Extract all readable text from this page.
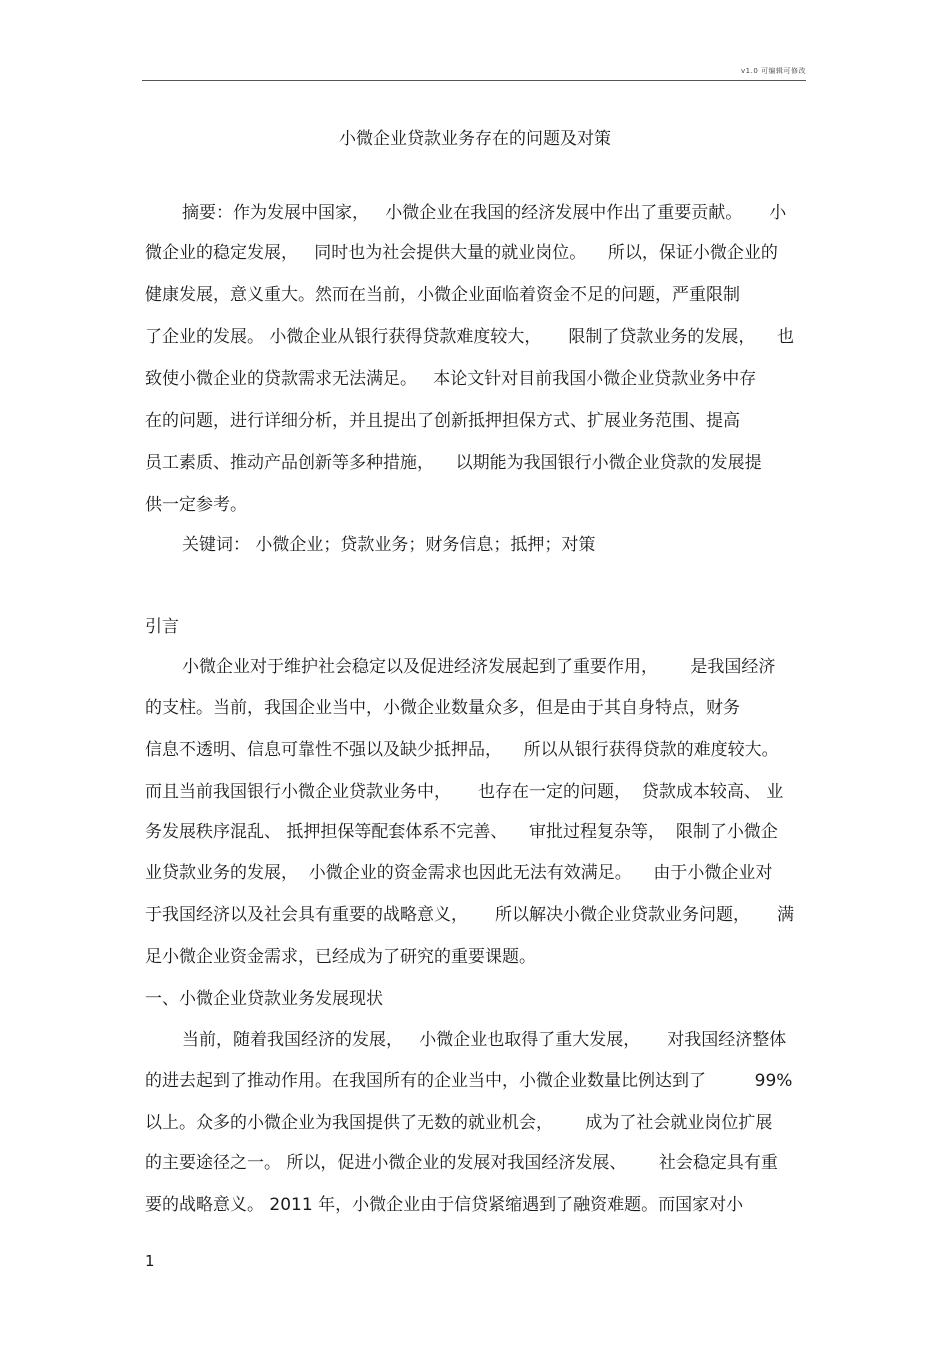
v1.0 可编辑可修改
小微企业贷款业务存在的问题及对策
摘要：作为发展中国家，   小微企业在我国的经济发展中作出了重要贡献。     小
微企业的稳定发展，   同时也为社会提供大量的就业岗位。    所以，保证小微企业的
健康发展，意义重大。然而在当前，小微企业面临着资金不足的问题，严重限制
了企业的发展。 小微企业从银行获得贷款难度较大，     限制了贷款业务的发展，    也
致使小微企业的贷款需求无法满足。   本论文针对目前我国小微企业贷款业务中存
在的问题，进行详细分析，并且提出了创新抵押担保方式、扩展业务范围、提高
员工素质、推动产品创新等多种措施，    以期能为我国银行小微企业贷款的发展提
供一定参考。
关键词： 小微企业；贷款业务；财务信息；抵押；对策
引言
小微企业对于维护社会稳定以及促进经济发展起到了重要作用，      是我国经济
的支柱。当前，我国企业当中，小微企业数量众多，但是由于其自身特点，财务
信息不透明、信息可靠性不强以及缺少抵押品，    所以从银行获得贷款的难度较大。
而且当前我国银行小微企业贷款业务中，     也存在一定的问题，  贷款成本较高、 业
务发展秩序混乱、 抵押担保等配套体系不完善、    审批过程复杂等，  限制了小微企
业贷款业务的发展，  小微企业的资金需求也因此无法有效满足。    由于小微企业对
于我国经济以及社会具有重要的战略意义，     所以解决小微企业贷款业务问题，     满
足小微企业资金需求，已经成为了研究的重要课题。
一、小微企业贷款业务发展现状
当前，随着我国经济的发展，   小微企业也取得了重大发展，     对我国经济整体
的进去起到了推动作用。在我国所有的企业当中，小微企业数量比例达到了         99%
以上。众多的小微企业为我国提供了无数的就业机会，      成为了社会就业岗位扩展
的主要途径之一。 所以，促进小微企业的发展对我国经济发展、      社会稳定具有重
要的战略意义。 2011 年，小微企业由于信贷紧缩遇到了融资难题。而国家对小
1
